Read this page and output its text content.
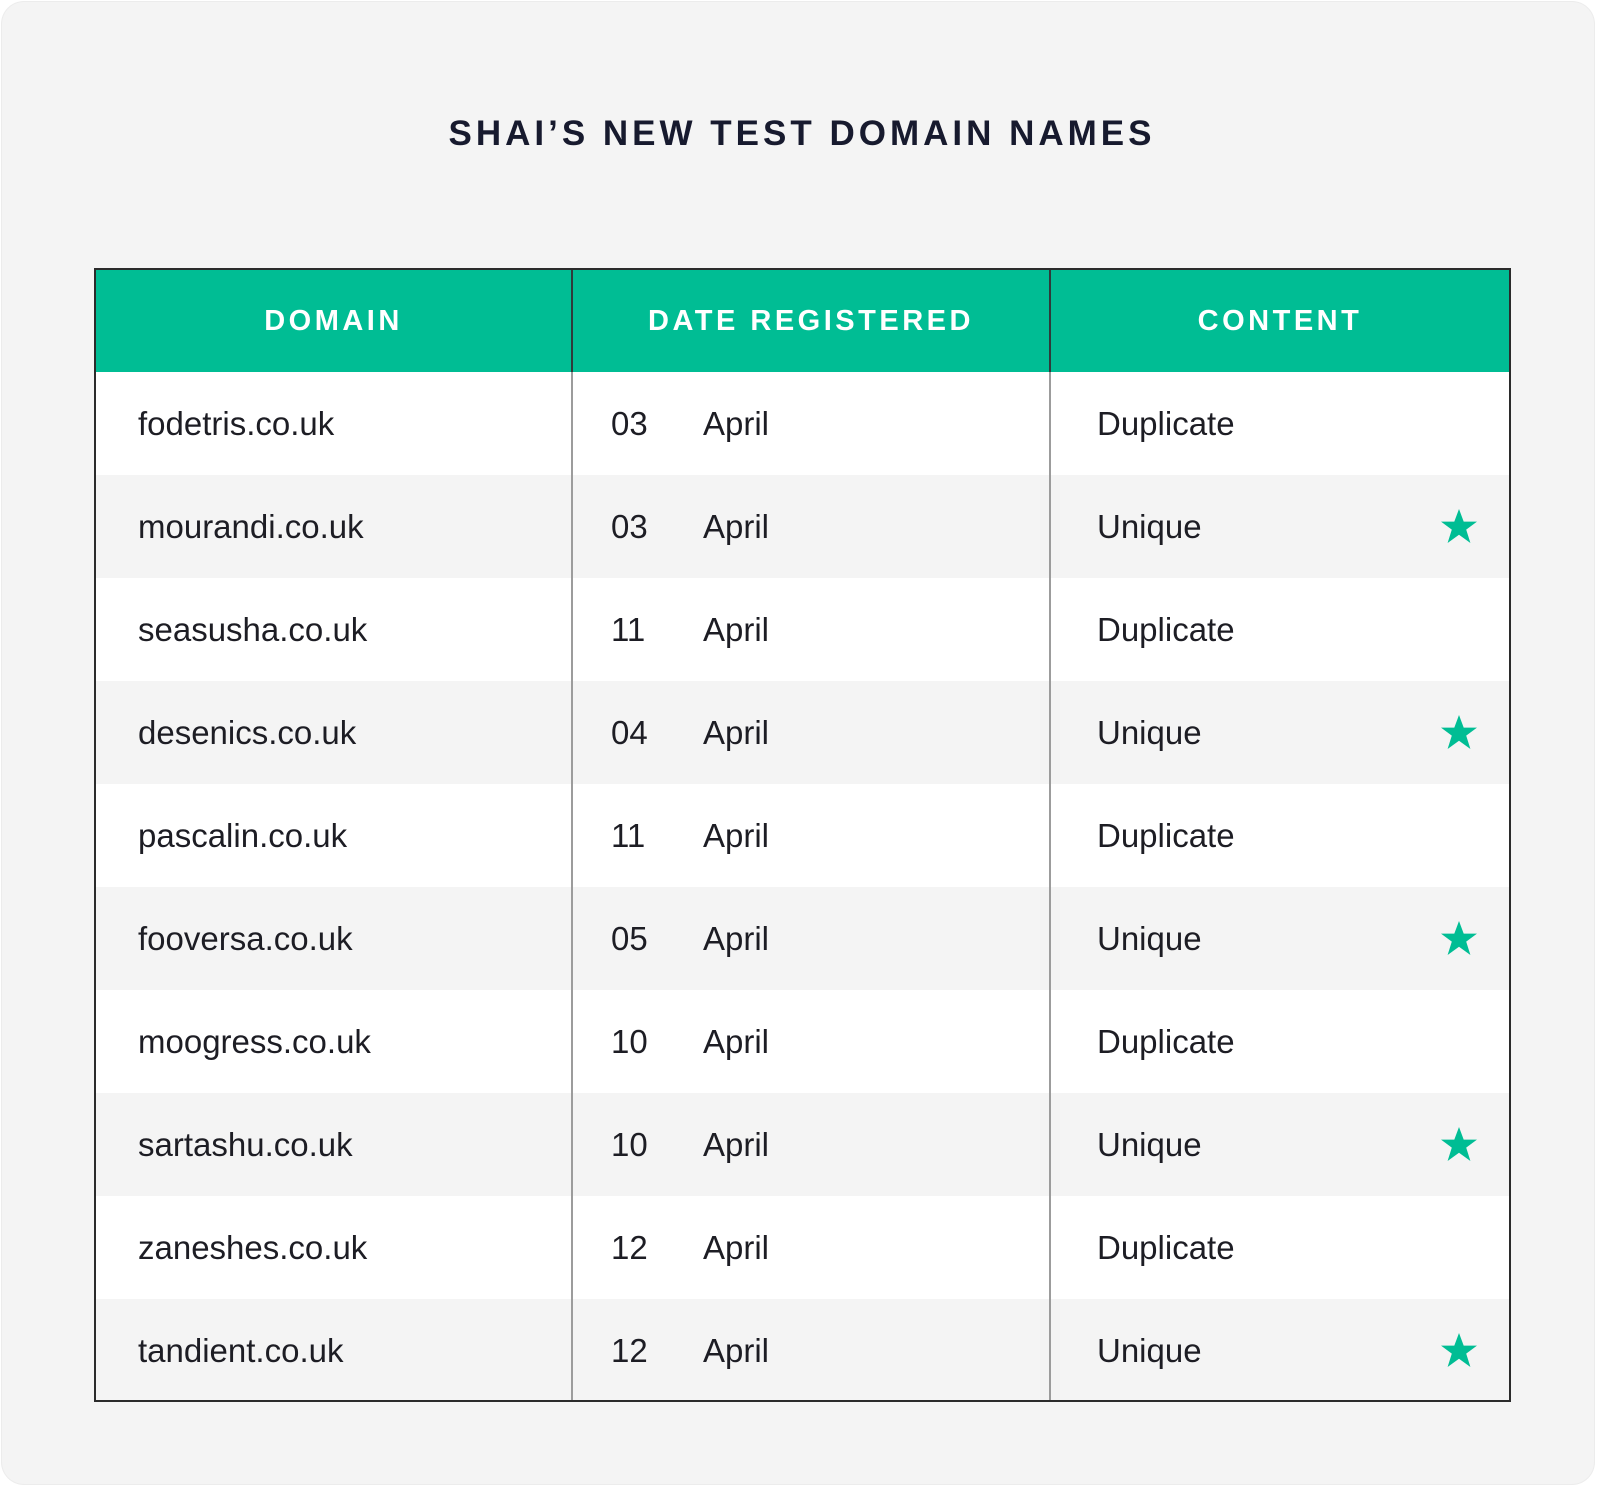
SHAI’S NEW TEST DOMAIN NAMES
DOMAIN	DATE REGISTERED	CONTENT
fodetris.co.uk	03 April	Duplicate
mourandi.co.uk	03 April	Unique

seasusha.co.uk	11 April	Duplicate
desenics.co.uk	04 April	Unique

pascalin.co.uk	11 April	Duplicate
fooversa.co.uk	05 April	Unique

moogress.co.uk	10 April	Duplicate
sartashu.co.uk	10 April	Unique

zaneshes.co.uk	12 April	Duplicate
tandient.co.uk	12 April	Unique
